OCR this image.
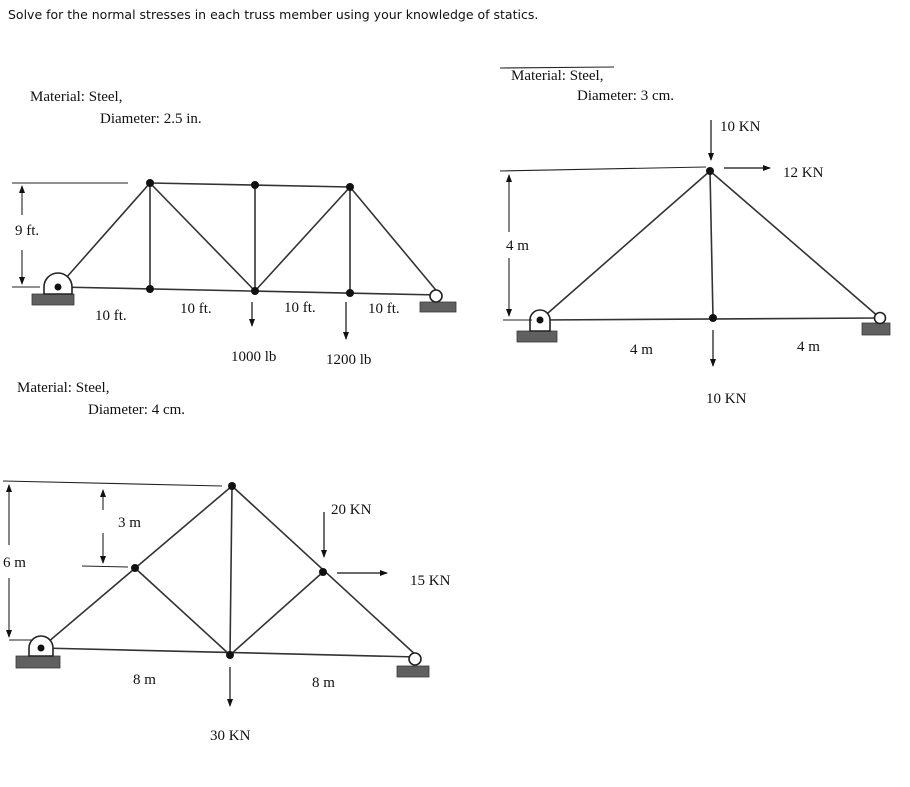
Solve for the normal stresses in each truss member using your knowledge of statics.
Material: Steel,
Diameter: 2.5 in.
9 ft.
10 ft.	10 ft.	10 ft.	10 ft.
1000 lb	1200 lb
Material: Steel,
Diameter: 3 cm.
4 m
10 KN
12 KN
10 KN
4 m	4 m
Material: Steel,
Diameter: 4 cm.
6 m
3 m
20 KN
15 KN
30 KN
8 m	8 m
